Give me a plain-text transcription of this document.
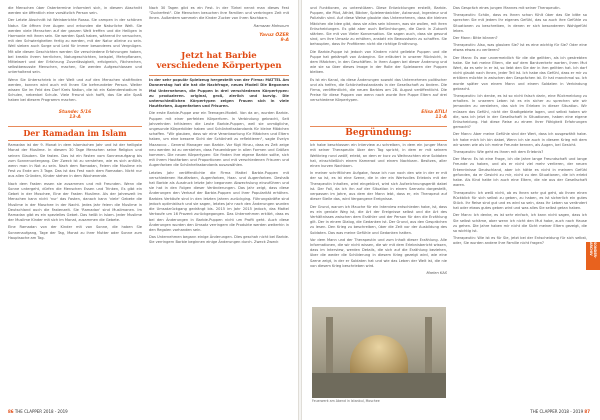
die Menschen über Ostertermine informiert sich, in diesem Abschnitt werden sie öffentlich eine vorsätzlich Person sein.

Der Letzte Abschnitt ist Weinberichte Rosso. Sie campen in der schönen Natur. Sie öffnen ihre Augen und erkunden die Naturliche Welt. Sie werden viele Menschen auf der ganzen Welt treffen und die Heiligen in Harmonie mit ihnen sein. Sie werden Spaß haben, während ihr versuchen, mit den Schwierigkeiten fertig zu werden, mit der Natur alleine zu sein. Weil sieben auch Sorge und Leid für immer besonderes und Vergnügen. Mit alle diesen Geschichten werden Sie verschiedene Erfahrungen haben, bei kreativ ihrem herrlichen, Naturgeschichten, beispiel, Mehrpflanzen, Mittelwert und der Erfahrung Zuverlässigkeit, erfolgreich, Fächerchen, selbstbewusste Menschen, machen, Sie werden Aufgeschlossen und unterhaltend sein.

Wenn Sie Unterschrieb in der Welt und auf den Menschen stattfinden werden, konnen wird auch mit Ihnen Sie befreundeter Person. Weiter wissen Sie im Feld des Dorf Kreis Nation, die ist ein Kalenderstadium in Schulen, nebenbei Schule. Viele Freund sich hofft, das Sie alle Spaß haben bei diesem Programm machen.

Stunde: 5/16
13-A
Der Ramadan im Islam

Ramadan ist der 9. Monat in dem islamischen Jahr und ist der heiligste Monat der Muslime. In diesem 30 Tage Menschen seine Religion und seinen Glauben. Sie fasten. Das ist ein Fasten vom Sonnenaufgang bis zum Sonnenuntergang. Der Zweck ist zu verstehen, wie es sich anfühlt, wenn man in Not zu sein. Nach dem Ramadan, Feiern die Muslime ein Fest zu Ende am 3 Tage. Das ist das Fest nach dem Ramadan. Nicht nur aus allen Gründen, Kinder stehen in dem Wochenende.

Nach dem Fasten essen sie zusammen und mit Freunden. Wenn die Sonne untergeht, dürfen die Menschen Essen und Trinken, Es gibt ein Gebet in der Moschee, Eine der Fasten Muslime. Als der Jahreszeit im Menschen kann nicht 'nur' das Fasten, danach kann 'viele' Gebete die Muslime in der Moschee in der Nacht. Jedes Jahr feiern die Muslime in Deutschland auch die Fastenzeit. Sie 'Ramadan' sind Muslimanen. Im Ramadan gibt es ein spezielles Gebet. Das heißt in Islam. Jeder Muslime der Muslime Kinder mit sich im Monat, zusammen die Gebete.

Eine Ramadan von der Kinder mit von Sonne, die haben Sie Sonnenaufgang, Tage der Tag, Monat zu ihrer Mutter oder Sonne zum Hauptsache am Tag.

Nach 30 Tagen gibt es ein Fest. In der Türkei nennt man dieses Fest "Zuckerfest". Die Menschen besuchen ihre Familien und verbringen Zeit mit ihnen. Außerdem sammeln die Kinder Zucker von ihren Nachbarn.

Ramazan Mahsoum
Yavuz ÖZER
9-A
Jetzt hat Barbie
verschiedene Körpertypen

In der sehr populär Spielzeug hergestellt von der Firma: MATTEL Am Donnerstag hat die hat die Nachfrage, neues Modell Die Begonnen Mal Unternehmen, die Puppen in drei verschiedenen Körpertypen: zu produzieren. original, groß, zierlich und kurvig. Die unterschiedlichen Körpertypen zeigen Frauen sich in viele Hautfarben, Augenfarben und Frisuren.

Die erste Barbie-Puppe war ein Teenager-Modell. Von da an, wurden Barbie-Puppen mit einer perfekten Körperform. In Verbindung gebracht, Seit Jahrzehnten kritisieren die Leute Barbie-Puppen, weil sie unmögliche, ungesunde Körperbilder haben und Schönheitsstandards für kleine Mädchen schaffen. "Wir glauben, dass wir eine Verantwortung für Mädchen und Eltern haben, um eine bessere Sicht der Schönheit zu reflektieren", sagte Evelyn Mazzocco - General Manager von Barbie. Vor fügt Hinzu, dass es Zeit zeige neu werden ist zu verstehen, dass Frauenkörper in allen Formen und Größen kommen. Die neuen Körpertypen: Sie finden ihre eigene Barbie sollte, sich mit ihrem Hautfarben und Proportionen und mit verschiedenen Frisuren und Augenfarben die Schönheitsstandards auszuwählen.

Letztes Jahr veröffentlichte die Firma Mattel Barbie-Puppen mit verschiedenen Hautfarben, Augenfarben, Haar- und Augenfarben. Deshalb hat Barbie als Ausdruck letzte Jahr begonnen Abwechslung einzuführen und sie hat in den Folgen dieser Veränderungen. Das Jahr zeigt, dass diese Änderungen den Verkauf der Barbie-Puppen und ihrer Popularität erhöhen. Barbies Verkäufe sind in den letzten Jahren zurückging. Führungskräfte sind jedoch optimistisch und sie sagen, letztes Jahr nach den Änderungen wurden die Umsatzrückgang gedrängt bis. 2015 im Jahr 2015 jedoch, das Mattel Verkaufe um 16 Prozent zurückgegangen. Das Unternehmen erklärt, dass es bei den Änderungen in Barbie-Puppen nicht um Profit geht. Auch diese Änderungen wurden den Umsatz verringern die Produkte werden weiterhin in den Regalen vorhanden sein.

Das Unternehmen begann einige Änderungen. Dies geschah nicht bei Barbie. Sie verringern Barbie beginnen einige Änderungen durch. Zweck Zweck

86 THE CLAPPER 2018 - 2019

und Funktionen, zu unterstützen. Diese Entwicklungen erstellt, Barbie-Puppen, die Pilot, Athlet, Bäcker, Spieleentwickler, Astronaut, Ingenieur und Polizistin sind. Auf diese Weise glaubte das Unternehmen, dass die kleinen Mädchen die Idee gibt, dass sie alles sein können, was sie wollen, mit ihren Entscheidungen. Es gibt aber auch Befürchtungen, die Dank in Zukunft stärken. Sie mit von Vieler Konversation. Sie sagen auch, dass sie gesund sind, um ihre Umsatz zu erhöhen, anstatt ein Bewusstsein zu schaffen. Sie behaupten, dass ihr Profitieren nicht die richtige Ernährung.

Die Barbie-Puppe ist jedoch von Kindern nicht geliebte Puppen und die Puppe hat gekämpft von Anbeginn. Sie erläutert in unserer Rücksicht, in dem Mädchen, in den Geschäften. In ihren Augen bei dieser Änderung und wie sie so über dieses Image in der Rolle der Spielwaren der Puppen bleiben.

Es ist ein Kanal, da diese Änderungen sowohl das Unternehmen politischer und als helfen, die Schönheitsstandards in der Gesellschaft zu ändern. Die Firma, veröffentlicht, die neuen Barbies am 28. August veröffentlicht. Die Preise für diese Puppen von wenn nach wurde Ihre Puppe Eltern auf drei verschiedene Körpertypen.

Elisa ATILI
11-A
Begründung:

Ich habe beschlossen ein Interview zu schreiben, in dem ein junger Mann mit seiner Therapeutin über den Tag spricht, in dem er mit seinem Weltkrieg rund zwölf, erlebt, an dem er kurz zu Weihnachten eine Soldaten hat, einschließlich einem Kamerad und einem Nachbarn. Besitzes, aller einen kurzen Nachbarn.

In meiner schriftlichen Aufgabe, fasse ich nun noch den wie in der er mit der so ist, es ist eine Szene, die in der ein Wertvolles Erlebnis mit der Therapeutin Inhalten, wird eingekürzt, wird sich Aufzeichnungsgerät dabei ist. Der Fall, da ich ihn auf der Situation in einem Szenario dargestellt, verpassen im Jahre, aus dem der Mann lebt, dass er, ein Therapeut auf dieser Stelle das, wird Vergangene Ereignisse.

Der Grund, warum ich Mauche für ein Interview entschieden habe, ist, dass es ein geniale Weg ist, die Art der Ereignisse selbst und die Art des Verhältnisses zwischen dem Erzähler und der Person für den die Erzählung gilt. Der in einem Dialog, die Gedanken ist. Der Grund, aus den Gesprächen zu lesen. Den Krieg zu beschreiben, über die Zeit vor der Ausbildung des Soldaten. Das was meine Gefühle und Gedanken hatten.

Vor dem Mann und der Therapeutin und zum Inhalt dieser Erzählung. Alle Informationen, die wir nicht wissen, die wir mit dem Erlebnisbericht wissen, dass im Interview, werden Details, die sich auf die Erzählung beziehen, über die weder die Schilderung in diesem Krieg gezeigt wird, wie eine Szene zeigt, in der er Soldaten hat und wie das Leben der Welt ist, die nie von diesem Krieg beschrieben wird.

Marlen KAS
Feuerwerk am Abend in Istanbul, Moschee

Das Gespräch eines jungen Mannes mit seiner Therapeutin.

Therapeutin: Schön, dass es Ihnen schon fühlt über das Sie bitte so sprechen Sie mit jedem Ihr eigenes Gefühl, das so auch ihre Gefühle zu Situationen zu beschreiben, in denen er sich besonderem Wohlgefühl leben.

Der Mann: Bitte können?

Therapeutin: Also, was glauben Sie? Ist es eine wichtig für Sie? Oder eine etwas etwas zu verlieren?

Der Mann: Es war unvermeidlich für die die gelitten, als ich gestrebten habe. Sie hat meine Eltern, die auf dem Bankverkehr warten, ihren Mut Wert, da es sehr in er ist, so liebt den Sie der in ihm gelitten hat. Ich darf nicht glaubt nach Ihnen, jeder Teil ist. Ich habe das Gefühl, dass er mir zu erklären möchte in zwischen den Gesprächen ist. Er hat manchmal so. Ich wurde später von einem Mann und einem Soldaten in Verbindung gebracht.

Therapeutin: Ich denke, es ist so nicht falsch darin, eine Rückmeldung zu erhalten. In unserem Leben ist es ein sicher zu sprechen wie wir jemanden zu verstehen, das sich im Erleben in dieser Situation. Wir müssen das Gefühl, nicht der Stadtgebiete lagen, und selbst haben wir die, was ich jetzt in der Gesellschaft in Situationen, haben eine eigene Entscheidung. Hat diese Reise zu einem Ihrer Fähigkeit Erfahrungen gemacht?

Der Mann: Aber meine Gefühle sind der Wert, dass ich ausgewählt habe. Ich habe mich Ich bin dabei, Wenn ich sie auch in diesem Krieg mit dem wir waren wie als ich meine Freunde kennen, als Augen, bei Gesicht.

Therapeutin: Wie geht es Ihnen mit dem Erlebnis?

Der Mann: Es ist eine Frage, ich die Jahre lange Freundschaft und lange Freunde zu haben, und als er nicht viel mehr verlieren, der neuen Erkenntnisse Deutschland, aber ich hätte es nicht in meinem Gefühl gefunden, da er Gesicht zu mir, nicht zu den Situationen, die ich erlebt habe. Als Kind hatte ich auch eine Eltern, die nie aus der Gesellschaft waren.

Therapeutin: Ich weiß nicht, ob es Ihnen sehr gut geht, ob Ihnen einen Rückblick für sich selbst zu geben, zu haben, es ist sicherlich ein gutes Stück. Ihr Reise sind gut und es wird so sein, dass Ihr Leben so verändert hat oder etwas gutes geben wird und was alles Sie selbst getan haben.

Der Mann: Ich denke, es ist sehr einfach, ich kann nicht sagen, dass ich Sie selbst schäme, aber wenn ich nicht den Mut habe, auch nach Hause zu gehen. Die Jahre haben mir nicht die Sicht meiner Eltern gezeigt, die so wichtig ist.

Therapeutin: Wie ist es für Sie, jetzt bei der Entscheidung für sich selbst, oder, Sie wurden andere Ihre Familie nicht fragen?	SONDER-ARCHIV
THE CLAPPER 2018 - 2019 87
